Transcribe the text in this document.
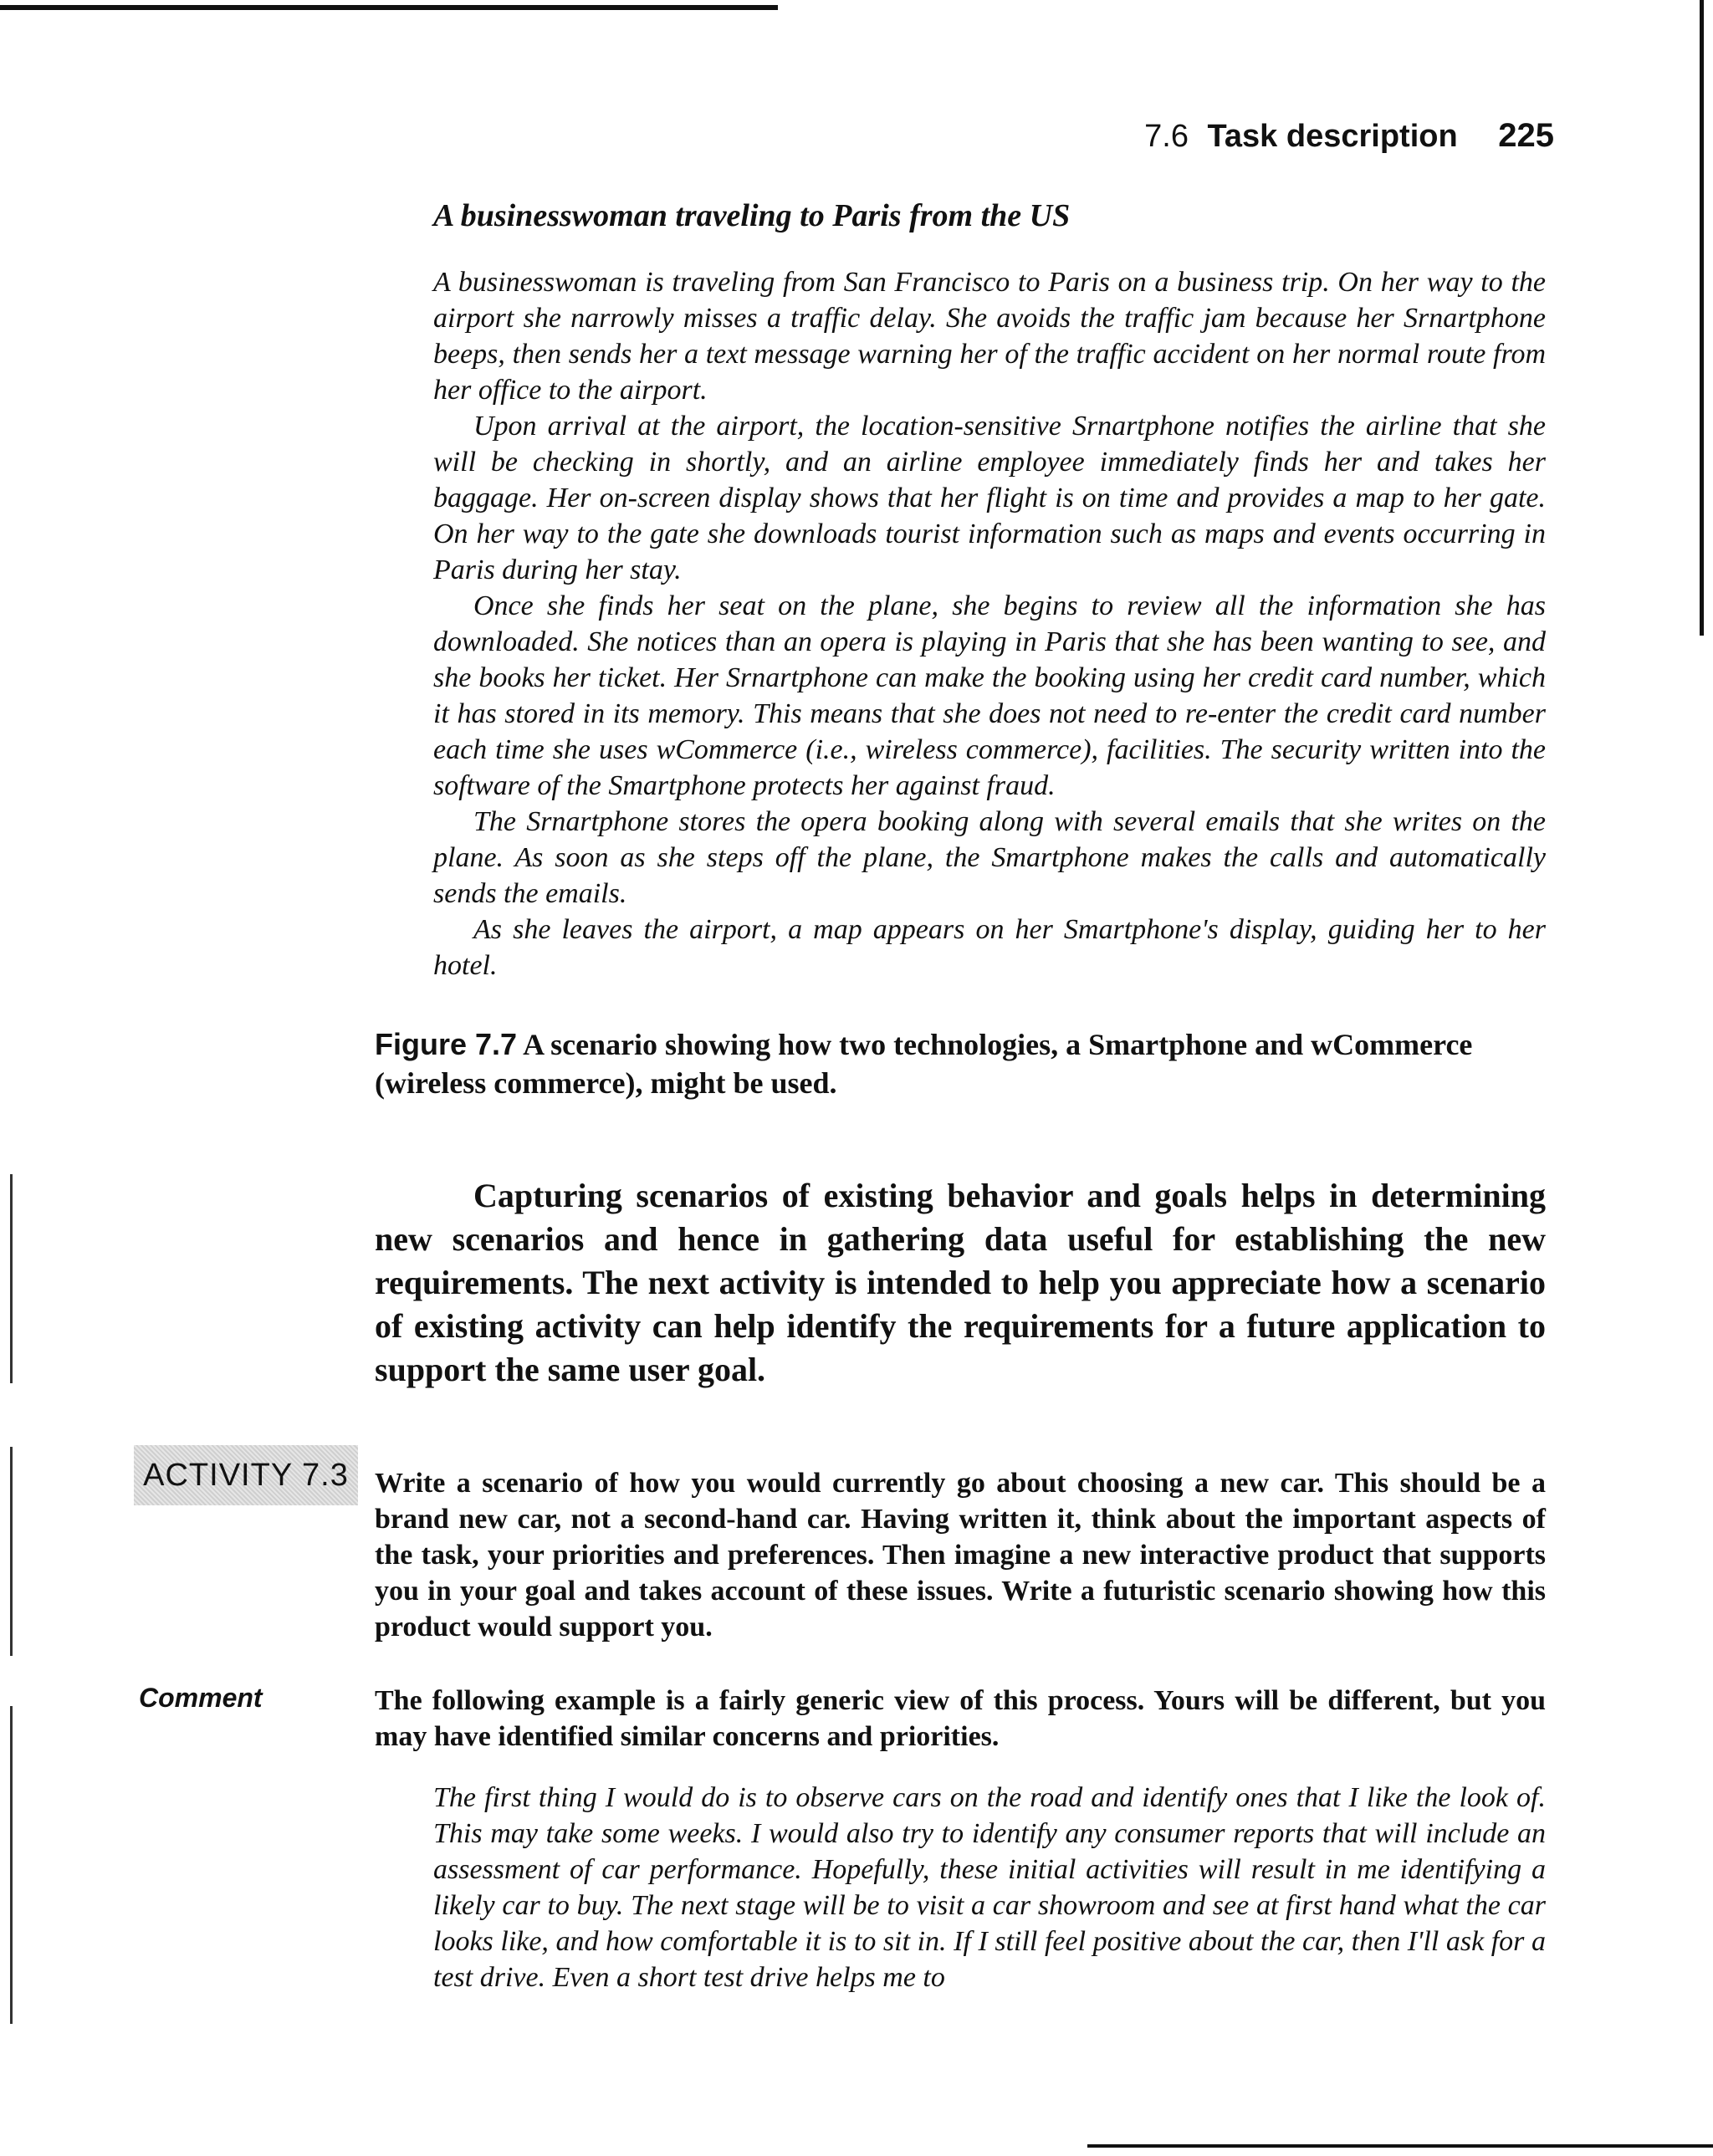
7.6 Task description 225
A businesswoman traveling to Paris from the US

A businesswoman is traveling from San Francisco to Paris on a business trip. On her way to the airport she narrowly misses a traffic delay. She avoids the traffic jam because her Srnartphone beeps, then sends her a text message warning her of the traffic accident on her normal route from her office to the airport.

Upon arrival at the airport, the location-sensitive Srnartphone notifies the airline that she will be checking in shortly, and an airline employee immediately finds her and takes her baggage. Her on-screen display shows that her flight is on time and provides a map to her gate. On her way to the gate she downloads tourist information such as maps and events occurring in Paris during her stay.

Once she finds her seat on the plane, she begins to review all the information she has downloaded. She notices than an opera is playing in Paris that she has been wanting to see, and she books her ticket. Her Srnartphone can make the booking using her credit card number, which it has stored in its memory. This means that she does not need to re-enter the credit card number each time she uses wCommerce (i.e., wireless commerce), facilities. The security written into the software of the Smartphone protects her against fraud.

The Srnartphone stores the opera booking along with several emails that she writes on the plane. As soon as she steps off the plane, the Smartphone makes the calls and automatically sends the emails.

As she leaves the airport, a map appears on her Smartphone's display, guiding her to her hotel.

Figure 7.7 A scenario showing how two technologies, a Smartphone and wCommerce (wireless commerce), might be used.
Capturing scenarios of existing behavior and goals helps in determining new scenarios and hence in gathering data useful for establishing the new requirements. The next activity is intended to help you appreciate how a scenario of existing activity can help identify the requirements for a future application to support the same user goal.
ACTIVITY 7.3 Write a scenario of how you would currently go about choosing a new car. This should be a brand new car, not a second-hand car. Having written it, think about the important aspects of the task, your priorities and preferences. Then imagine a new interactive product that supports you in your goal and takes account of these issues. Write a futuristic scenario showing how this product would support you.
Comment	The following example is a fairly generic view of this process. Yours will be different, but you may have identified similar concerns and priorities.

The first thing I would do is to observe cars on the road and identify ones that I like the look of. This may take some weeks. I would also try to identify any consumer reports that will include an assessment of car performance. Hopefully, these initial activities will result in me identifying a likely car to buy. The next stage will be to visit a car showroom and see at first hand what the car looks like, and how comfortable it is to sit in. If I still feel positive about the car, then I'll ask for a test drive. Even a short test drive helps me to
